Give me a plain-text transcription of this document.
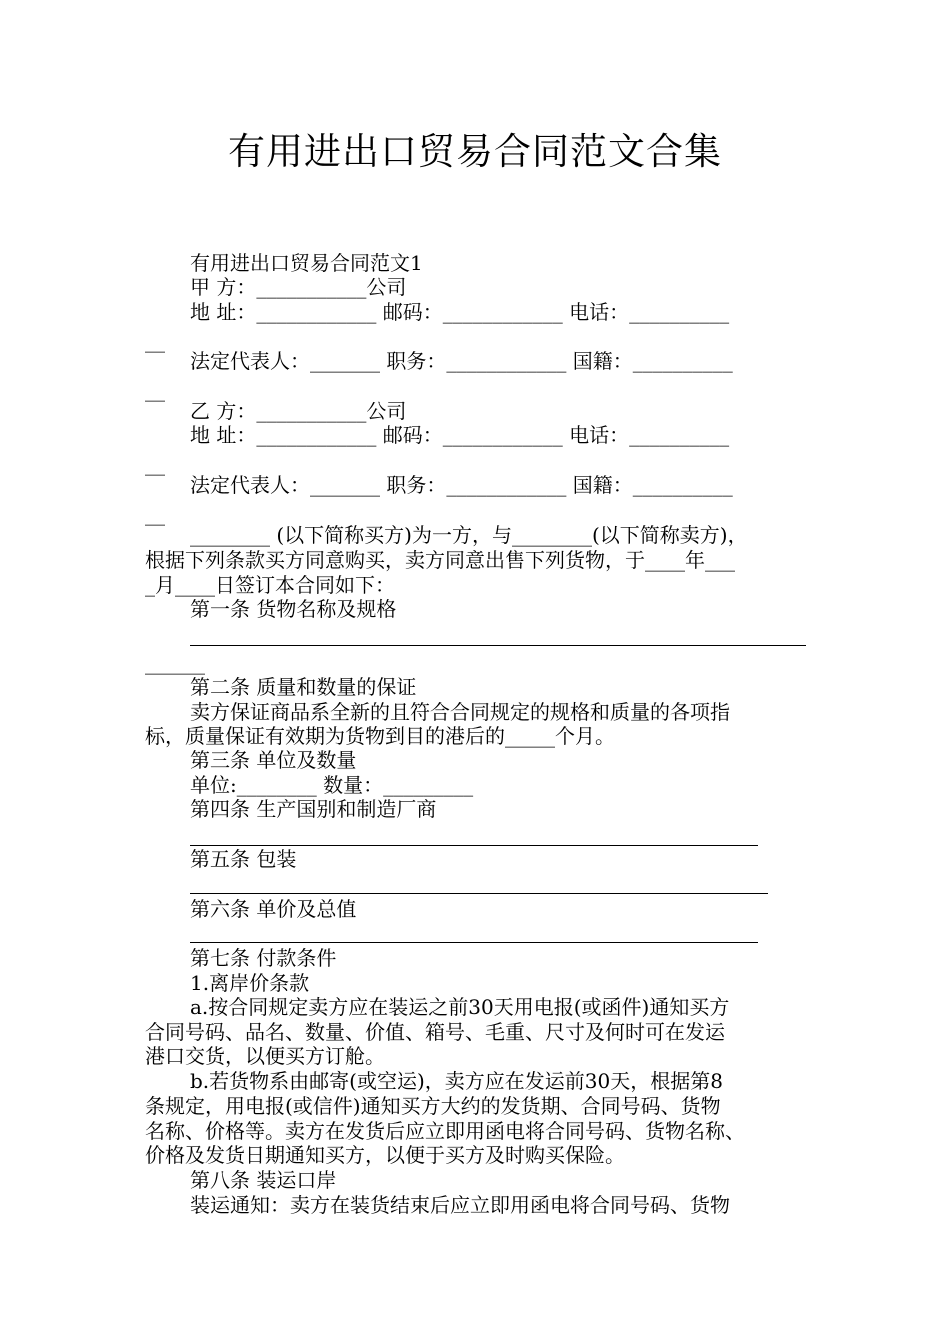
有用进出口贸易合同范文合集
有用进出口贸易合同范文1
甲 方：___________公司
地 址：____________ 邮码：____________ 电话：__________
__
法定代表人：_______ 职务：____________ 国籍：__________
__
乙 方：___________公司
地 址：____________ 邮码：____________ 电话：__________
__
法定代表人：_______ 职务：____________ 国籍：__________
__
________ (以下简称买方)为一方，与________(以下简称卖方)，
根据下列条款买方同意购买，卖方同意出售下列货物，于____年___
_月____日签订本合同如下：
第一条 货物名称及规格
______
第二条 质量和数量的保证
卖方保证商品系全新的且符合合同规定的规格和质量的各项指
标，质量保证有效期为货物到目的港后的_____个月。
第三条 单位及数量
单位:________ 数量：_________
第四条 生产国别和制造厂商
第五条 包装
第六条 单价及总值
第七条 付款条件
1.离岸价条款
a.按合同规定卖方应在装运之前30天用电报(或函件)通知买方
合同号码、品名、数量、价值、箱号、毛重、尺寸及何时可在发运
港口交货，以便买方订舱。
b.若货物系由邮寄(或空运)，卖方应在发运前30天，根据第8
条规定，用电报(或信件)通知买方大约的发货期、合同号码、货物
名称、价格等。卖方在发货后应立即用函电将合同号码、货物名称、
价格及发货日期通知买方，以便于买方及时购买保险。
第八条 装运口岸
装运通知：卖方在装货结束后应立即用函电将合同号码、货物
